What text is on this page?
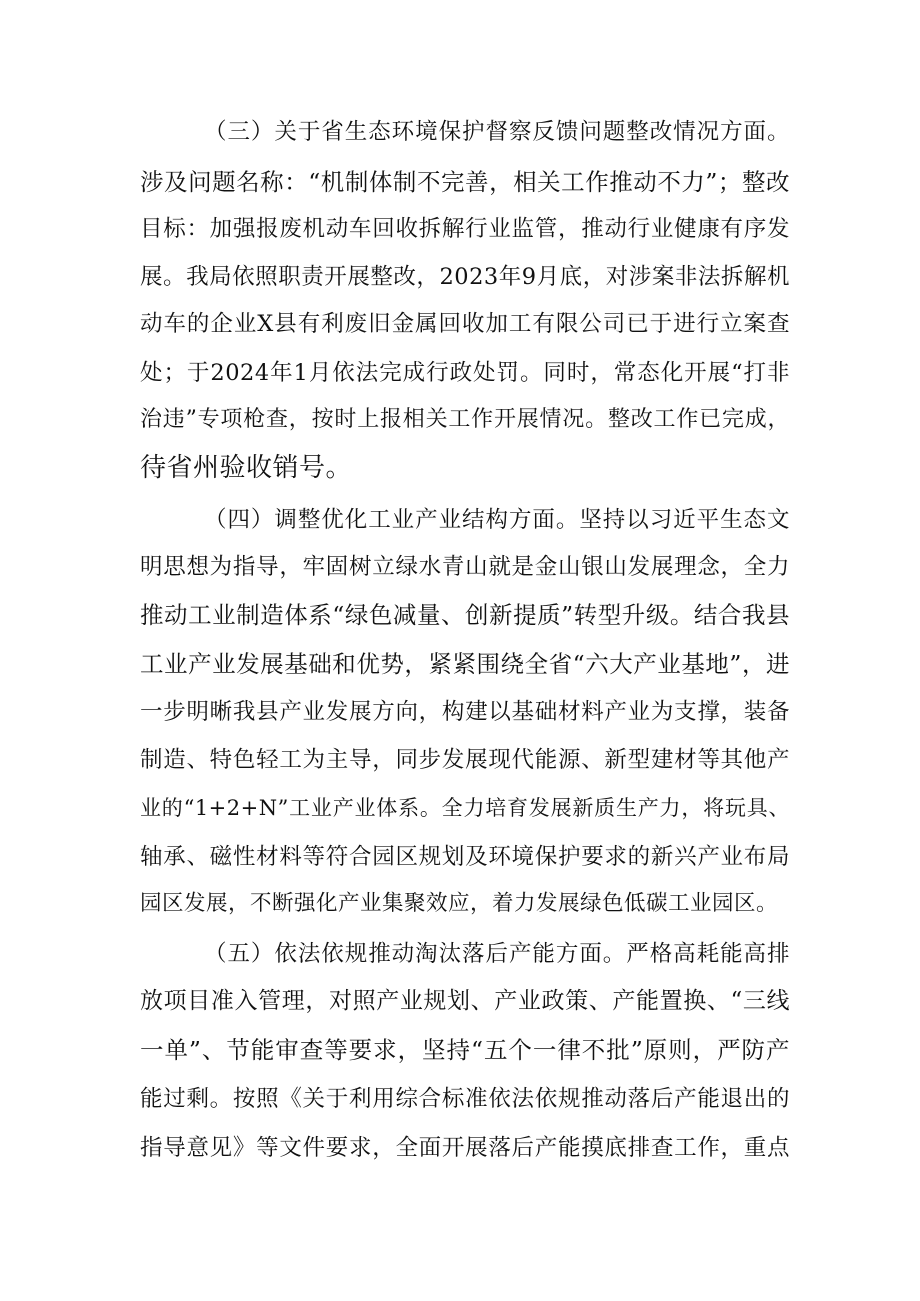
（三）关于省生态环境保护督察反馈问题整改情况方面。
涉及问题名称：“机制体制不完善，相关工作推动不力”；整改
目标：加强报废机动车回收拆解行业监管，推动行业健康有序发
展。我局依照职责开展整改，2023年9月底，对涉案非法拆解机
动车的企业X县有利废旧金属回收加工有限公司已于进行立案查
处；于2024年1月依法完成行政处罚。同时，常态化开展“打非
治违”专项枪查，按时上报相关工作开展情况。整改工作已完成，
待省州验收销号。
（四）调整优化工业产业结构方面。坚持以习近平生态文
明思想为指导，牢固树立绿水青山就是金山银山发展理念，全力
推动工业制造体系“绿色减量、创新提质”转型升级。结合我县
工业产业发展基础和优势，紧紧围绕全省“六大产业基地”，进
一步明晰我县产业发展方向，构建以基础材料产业为支撑，装备
制造、特色轻工为主导，同步发展现代能源、新型建材等其他产
业的“1+2+N”工业产业体系。全力培育发展新质生产力，将玩具、
轴承、磁性材料等符合园区规划及环境保护要求的新兴产业布局
园区发展，不断强化产业集聚效应，着力发展绿色低碳工业园区。
（五）依法依规推动淘汰落后产能方面。严格高耗能高排
放项目准入管理，对照产业规划、产业政策、产能置换、“三线
一单”、节能审查等要求，坚持“五个一律不批”原则，严防产
能过剩。按照《关于利用综合标准依法依规推动落后产能退出的
指导意见》等文件要求，全面开展落后产能摸底排查工作，重点
